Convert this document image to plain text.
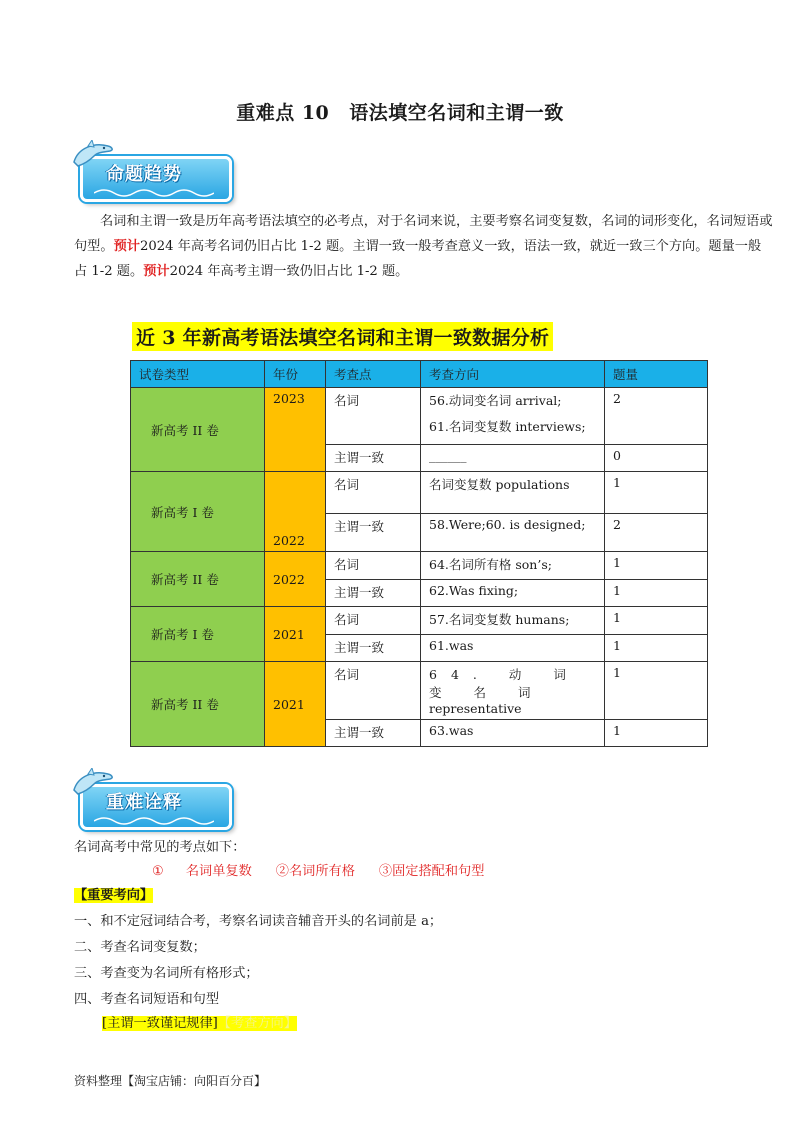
重难点 10 语法填空名词和主谓一致
命题趋势
名词和主谓一致是历年高考语法填空的必考点，对于名词来说，主要考察名词变复数，名词的词形变化，名词短语或句型。预计2024 年高考名词仍旧占比 1-2 题。主谓一致一般考查意义一致，语法一致，就近一致三个方向。题量一般占 1-2 题。预计2024 年高考主谓一致仍旧占比 1-2 题。
近 3 年新高考语法填空名词和主谓一致数据分析
试卷类型	年份	考查点	考查方向	题量
新高考 II 卷	2023	名词	56.动词变名词 arrival;
61.名词变复数 interviews;	2
		主谓一致	______	0
新高考 I 卷	2022	名词	名词变复数 populations	1
		主谓一致	58.Were;60. is designed;	2
新高考 II 卷	2022	名词	64.名词所有格 son’s;	1
		主谓一致	62.Was fixing;	1
新高考 I 卷	2021	名词	57.名词变复数 humans;	1
		主谓一致	61.was	1
新高考 II 卷	2021	名词	64. 动 词 变 名 词
representative	1
		主谓一致	63.was	1
重难诠释
名词高考中常见的考点如下：
① 名词单复数 ②名词所有格 ③固定搭配和句型
【重要考向】
一、和不定冠词结合考，考察名词读音辅音开头的名词前是 a；
二、考查名词变复数；
三、考查变为名词所有格形式；
四、考查名词短语和句型
[主谓一致谨记规律]【考查方向】
资料整理【淘宝店铺：向阳百分百】
